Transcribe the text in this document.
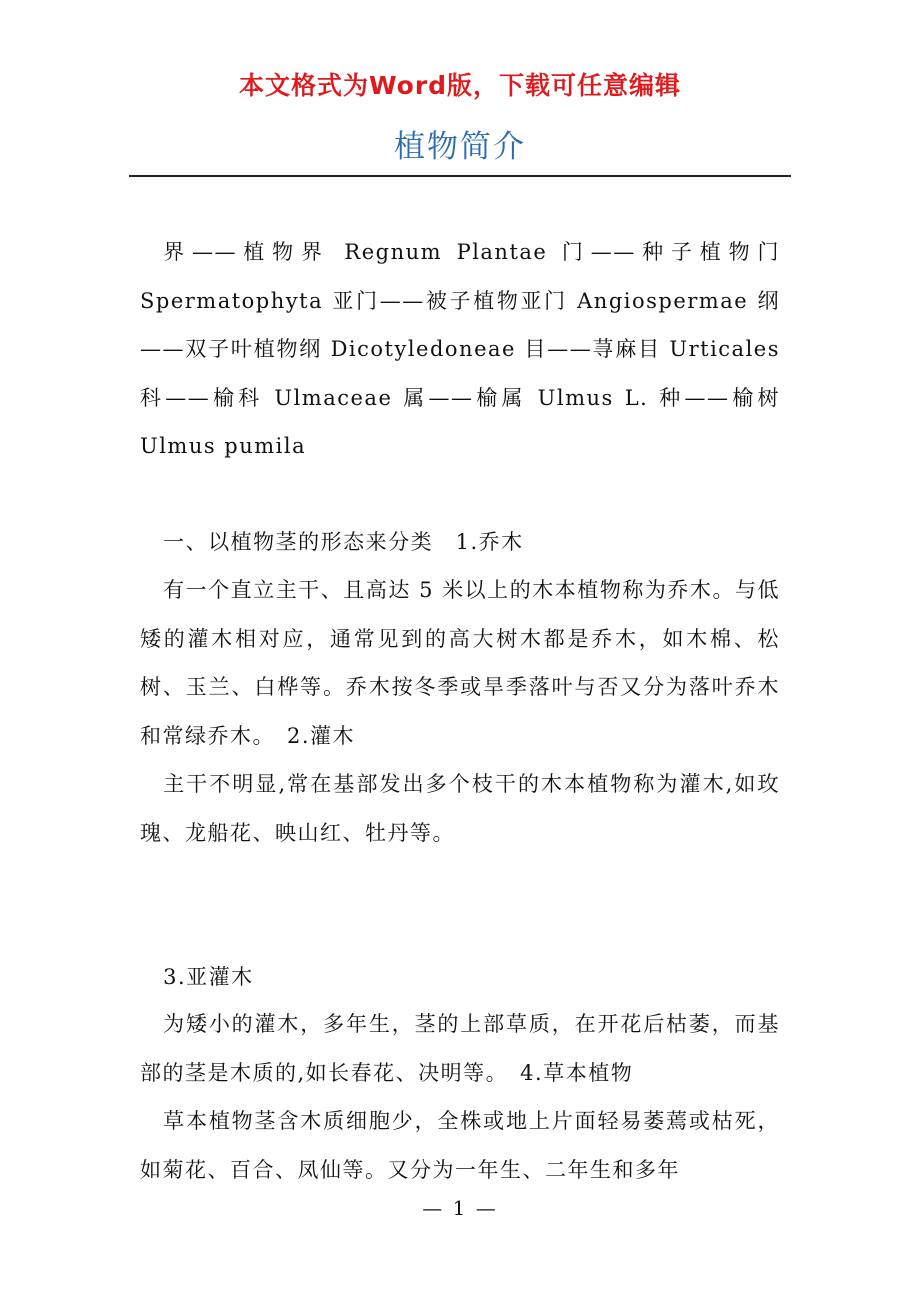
本文格式为Word版，下载可任意编辑
植物简介

界——植物界 Regnum Plantae 门——种子植物门 Spermatophyta 亚门——被子植物亚门 Angiospermae 纲——双子叶植物纲 Dicotyledoneae 目——荨麻目 Urticales 科——榆科 Ulmaceae 属——榆属 Ulmus L. 种——榆树 Ulmus pumila

一、以植物茎的形态来分类　1.乔木

有一个直立主干、且高达 5 米以上的木本植物称为乔木。与低矮的灌木相对应，通常见到的高大树木都是乔木，如木棉、松树、玉兰、白桦等。乔木按冬季或旱季落叶与否又分为落叶乔木和常绿乔木。　2.灌木

主干不明显,常在基部发出多个枝干的木本植物称为灌木,如玫瑰、龙船花、映山红、牡丹等。

3.亚灌木

为矮小的灌木，多年生，茎的上部草质，在开花后枯萎，而基部的茎是木质的,如长春花、决明等。　4.草本植物

草本植物茎含木质细胞少，全株或地上片面轻易萎蔫或枯死，如菊花、百合、凤仙等。又分为一年生、二年生和多年

— 1 —
